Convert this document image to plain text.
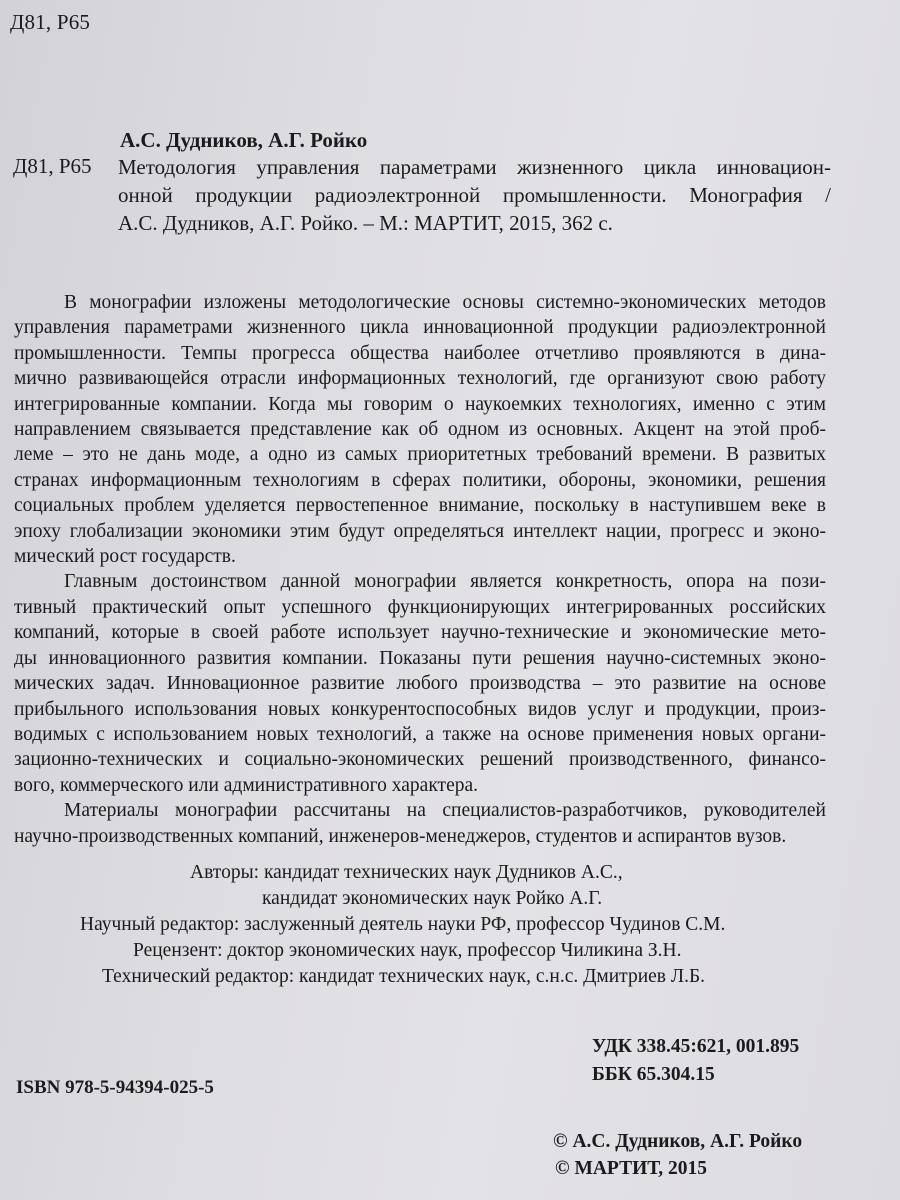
Д81, Р65
А.С. Дудников, А.Г. Ройко
Д81, Р65 Методология управления параметрами жизненного цикла инновацион-
онной продукции радиоэлектронной промышленности. Монография /
А.С. Дудников, А.Г. Ройко. – М.: МАРТИТ, 2015, 362 с.

В монографии изложены методологические основы системно-экономических методов
управления параметрами жизненного цикла инновационной продукции радиоэлектронной
промышленности. Темпы прогресса общества наиболее отчетливо проявляются в дина-
мично развивающейся отрасли информационных технологий, где организуют свою работу
интегрированные компании. Когда мы говорим о наукоемких технологиях, именно с этим
направлением связывается представление как об одном из основных. Акцент на этой проб-
леме – это не дань моде, а одно из самых приоритетных требований времени. В развитых
странах информационным технологиям в сферах политики, обороны, экономики, решения
социальных проблем уделяется первостепенное внимание, поскольку в наступившем веке в
эпоху глобализации экономики этим будут определяться интеллект нации, прогресс и эконо-
мический рост государств.
Главным достоинством данной монографии является конкретность, опора на пози-
тивный практический опыт успешного функционирующих интегрированных российских
компаний, которые в своей работе использует научно-технические и экономические мето-
ды инновационного развития компании. Показаны пути решения научно-системных эконо-
мических задач. Инновационное развитие любого производства – это развитие на основе
прибыльного использования новых конкурентоспособных видов услуг и продукции, произ-
водимых с использованием новых технологий, а также на основе применения новых органи-
зационно-технических и социально-экономических решений производственного, финансо-
вого, коммерческого или административного характера.
Материалы монографии рассчитаны на специалистов-разработчиков, руководителей
научно-производственных компаний, инженеров-менеджеров, студентов и аспирантов вузов.
Авторы: кандидат технических наук Дудников А.С.,
кандидат экономических наук Ройко А.Г.
Научный редактор: заслуженный деятель науки РФ, профессор Чудинов С.М.
Рецензент: доктор экономических наук, профессор Чиликина З.Н.
Технический редактор: кандидат технических наук, с.н.с. Дмитриев Л.Б.
УДК 338.45:621, 001.895
ББК 65.304.15
ISBN 978-5-94394-025-5
© А.С. Дудников, А.Г. Ройко
© МАРТИТ, 2015
